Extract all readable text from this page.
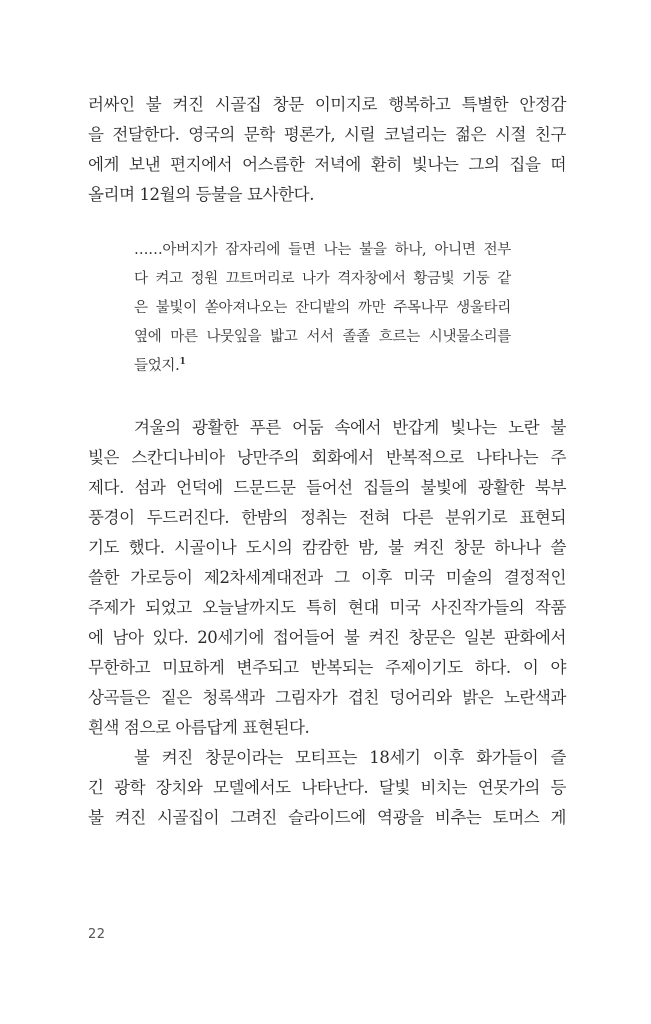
러싸인 불 켜진 시골집 창문 이미지로 행복하고 특별한 안정감
을 전달한다. 영국의 문학 평론가, 시릴 코널리는 젊은 시절 친구
에게 보낸 편지에서 어스름한 저녁에 환히 빛나는 그의 집을 떠
올리며 12월의 등불을 묘사한다.
……아버지가 잠자리에 들면 나는 불을 하나, 아니면 전부
다 켜고 정원 끄트머리로 나가 격자창에서 황금빛 기둥 같
은 불빛이 쏟아져나오는 잔디밭의 까만 주목나무 생울타리
옆에 마른 나뭇잎을 밟고 서서 졸졸 흐르는 시냇물소리를
들었지.$^1$
겨울의 광활한 푸른 어둠 속에서 반갑게 빛나는 노란 불
빛은 스칸디나비아 낭만주의 회화에서 반복적으로 나타나는 주
제다. 섬과 언덕에 드문드문 들어선 집들의 불빛에 광활한 북부
풍경이 두드러진다. 한밤의 정취는 전혀 다른 분위기로 표현되
기도 했다. 시골이나 도시의 캄캄한 밤, 불 켜진 창문 하나나 쓸
쓸한 가로등이 제2차세계대전과 그 이후 미국 미술의 결정적인
주제가 되었고 오늘날까지도 특히 현대 미국 사진작가들의 작품
에 남아 있다. 20세기에 접어들어 불 켜진 창문은 일본 판화에서
무한하고 미묘하게 변주되고 반복되는 주제이기도 하다. 이 야
상곡들은 짙은 청록색과 그림자가 겹친 덩어리와 밝은 노란색과
흰색 점으로 아름답게 표현된다.
불 켜진 창문이라는 모티프는 18세기 이후 화가들이 즐
긴 광학 장치와 모델에서도 나타난다. 달빛 비치는 연못가의 등
불 켜진 시골집이 그려진 슬라이드에 역광을 비추는 토머스 게
22
